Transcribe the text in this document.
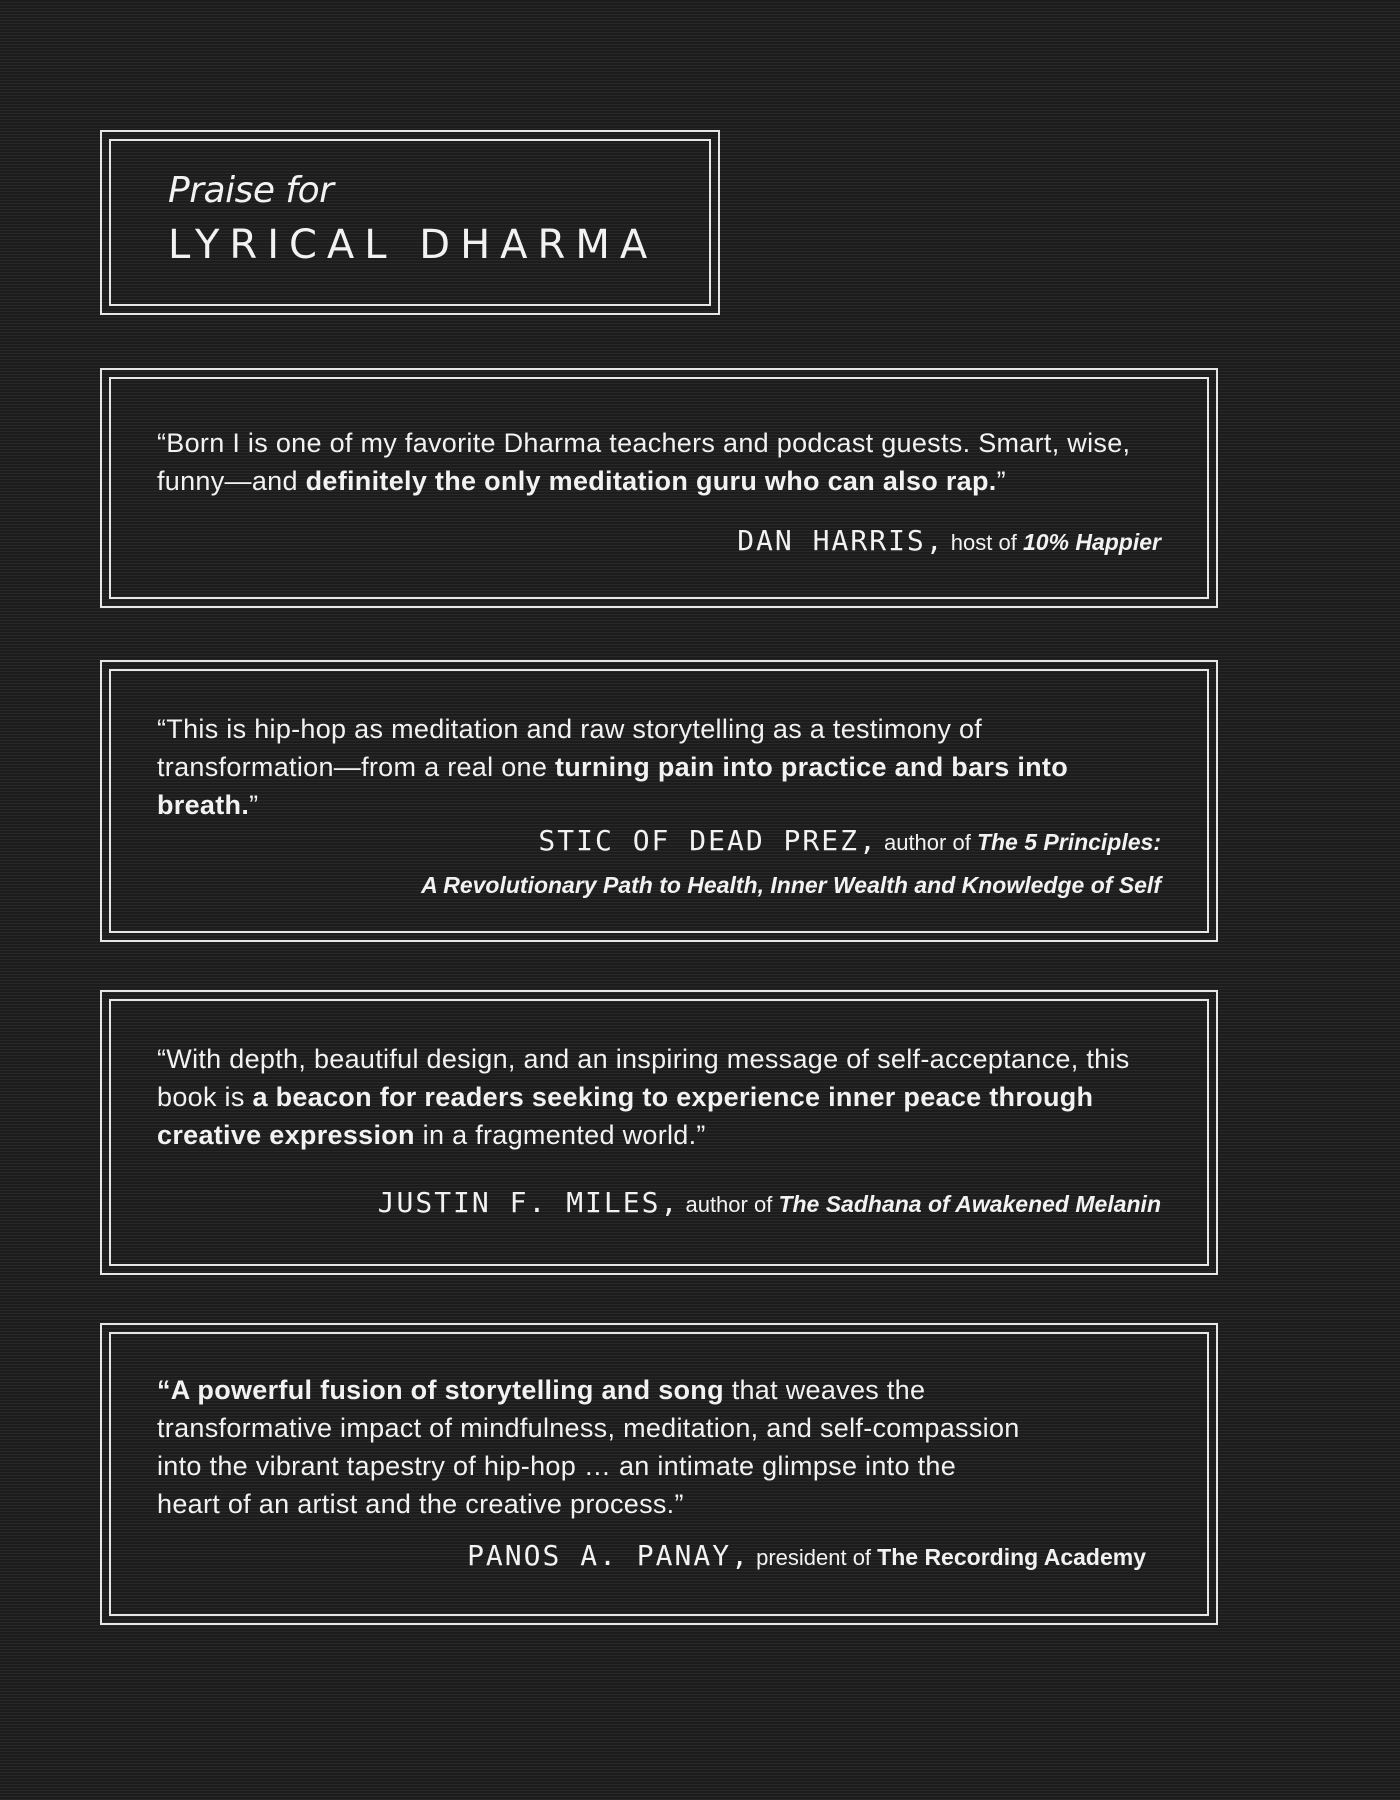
Praise for
LYRICAL DHARMA
“Born I is one of my favorite Dharma teachers and podcast guests. Smart, wise, funny—and definitely the only meditation guru who can also rap.”
DAN HARRIS, host of 10% Happier
“This is hip-hop as meditation and raw storytelling as a testimony of transformation—from a real one turning pain into practice and bars into breath.”
STIC OF DEAD PREZ, author of The 5 Principles:
A Revolutionary Path to Health, Inner Wealth and Knowledge of Self
“With depth, beautiful design, and an inspiring message of self-acceptance, this book is a beacon for readers seeking to experience inner peace through creative expression in a fragmented world.”
JUSTIN F. MILES, author of The Sadhana of Awakened Melanin
“A powerful fusion of storytelling and song that weaves the transformative impact of mindfulness, meditation, and self-compassion into the vibrant tapestry of hip-hop … an intimate glimpse into the heart of an artist and the creative process.”
PANOS A. PANAY, president of The Recording Academy
